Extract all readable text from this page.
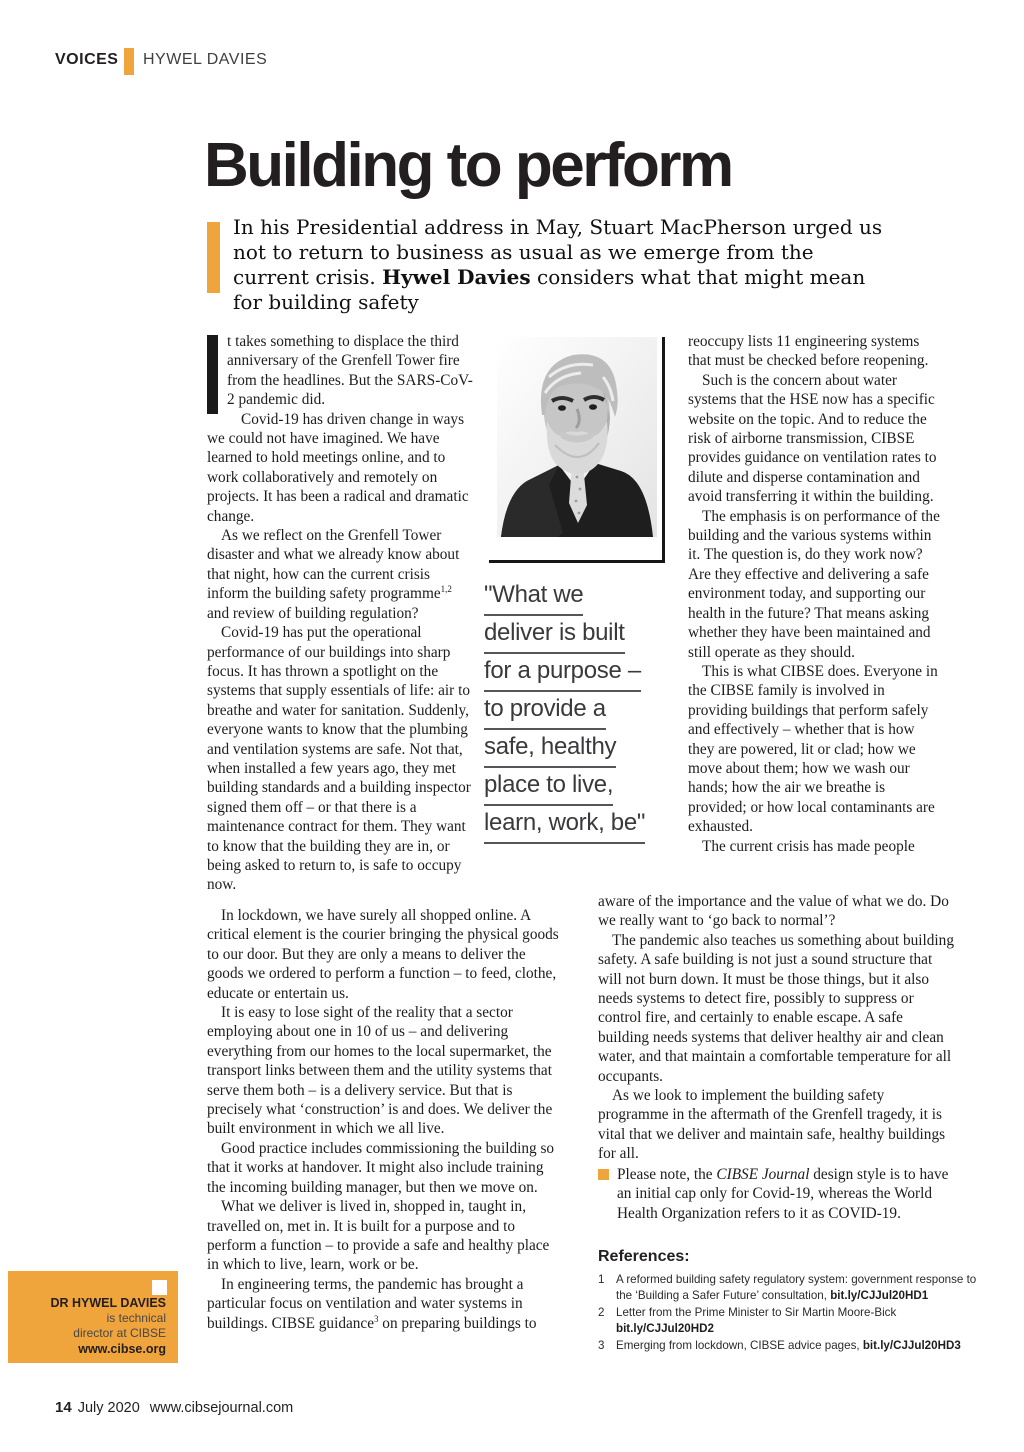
VOICES HYWEL DAVIES
Building to perform

In his Presidential address in May, Stuart MacPherson urged us not to return to business as usual as we emerge from the current crisis. Hywel Davies considers what that might mean for building safety

t takes something to displace the third anniversary of the Grenfell Tower fire from the headlines. But the SARS-CoV-2 pandemic did.

Covid-19 has driven change in ways we could not have imagined. We have learned to hold meetings online, and to work collaboratively and remotely on projects. It has been a radical and dramatic change.

As we reflect on the Grenfell Tower disaster and what we already know about that night, how can the current crisis inform the building safety programme$^{1,2}$ and review of building regulation?

Covid-19 has put the operational performance of our buildings into sharp focus. It has thrown a spotlight on the systems that supply essentials of life: air to breathe and water for sanitation. Suddenly, everyone wants to know that the plumbing and ventilation systems are safe. Not that, when installed a few years ago, they met building standards and a building inspector signed them off – or that there is a maintenance contract for them. They want to know that the building they are in, or being asked to return to, is safe to occupy now.

"What we
deliver is built
for a purpose –
to provide a
safe, healthy
place to live,
learn, work, be"

reoccupy lists 11 engineering systems that must be checked before reopening.

Such is the concern about water systems that the HSE now has a specific website on the topic. And to reduce the risk of airborne transmission, CIBSE provides guidance on ventilation rates to dilute and disperse contamination and avoid transferring it within the building.

The emphasis is on performance of the building and the various systems within it. The question is, do they work now? Are they effective and delivering a safe environment today, and supporting our health in the future? That means asking whether they have been maintained and still operate as they should.

This is what CIBSE does. Everyone in the CIBSE family is involved in providing buildings that perform safely and effectively – whether that is how they are powered, lit or clad; how we move about them; how we wash our hands; how the air we breathe is provided; or how local contaminants are exhausted.

The current crisis has made people

In lockdown, we have surely all shopped online. A critical element is the courier bringing the physical goods to our door. But they are only a means to deliver the goods we ordered to perform a function – to feed, clothe, educate or entertain us.

It is easy to lose sight of the reality that a sector employing about one in 10 of us – and delivering everything from our homes to the local supermarket, the transport links between them and the utility systems that serve them both – is a delivery service. But that is precisely what ‘construction’ is and does. We deliver the built environment in which we all live.

Good practice includes commissioning the building so that it works at handover. It might also include training the incoming building manager, but then we move on.

What we deliver is lived in, shopped in, taught in, travelled on, met in. It is built for a purpose and to perform a function – to provide a safe and healthy place in which to live, learn, work or be.

In engineering terms, the pandemic has brought a particular focus on ventilation and water systems in buildings. CIBSE guidance$^3$ on preparing buildings to

aware of the importance and the value of what we do. Do we really want to ‘go back to normal’?

The pandemic also teaches us something about building safety. A safe building is not just a sound structure that will not burn down. It must be those things, but it also needs systems to detect fire, possibly to suppress or control fire, and certainly to enable escape. A safe building needs systems that deliver healthy air and clean water, and that maintain a comfortable temperature for all occupants.

As we look to implement the building safety programme in the aftermath of the Grenfell tragedy, it is vital that we deliver and maintain safe, healthy buildings for all.

Please note, the CIBSE Journal design style is to have an initial cap only for Covid-19, whereas the World Health Organization refers to it as COVID-19.

References:
1 A reformed building safety regulatory system: government response to the ‘Building a Safer Future’ consultation, bit.ly/CJJul20HD1
2 Letter from the Prime Minister to Sir Martin Moore-Bick bit.ly/CJJul20HD2
3 Emerging from lockdown, CIBSE advice pages, bit.ly/CJJul20HD3
DR HYWEL DAVIES
is technical
director at CIBSE
www.cibse.org
14 July 2020 www.cibsejournal.com
